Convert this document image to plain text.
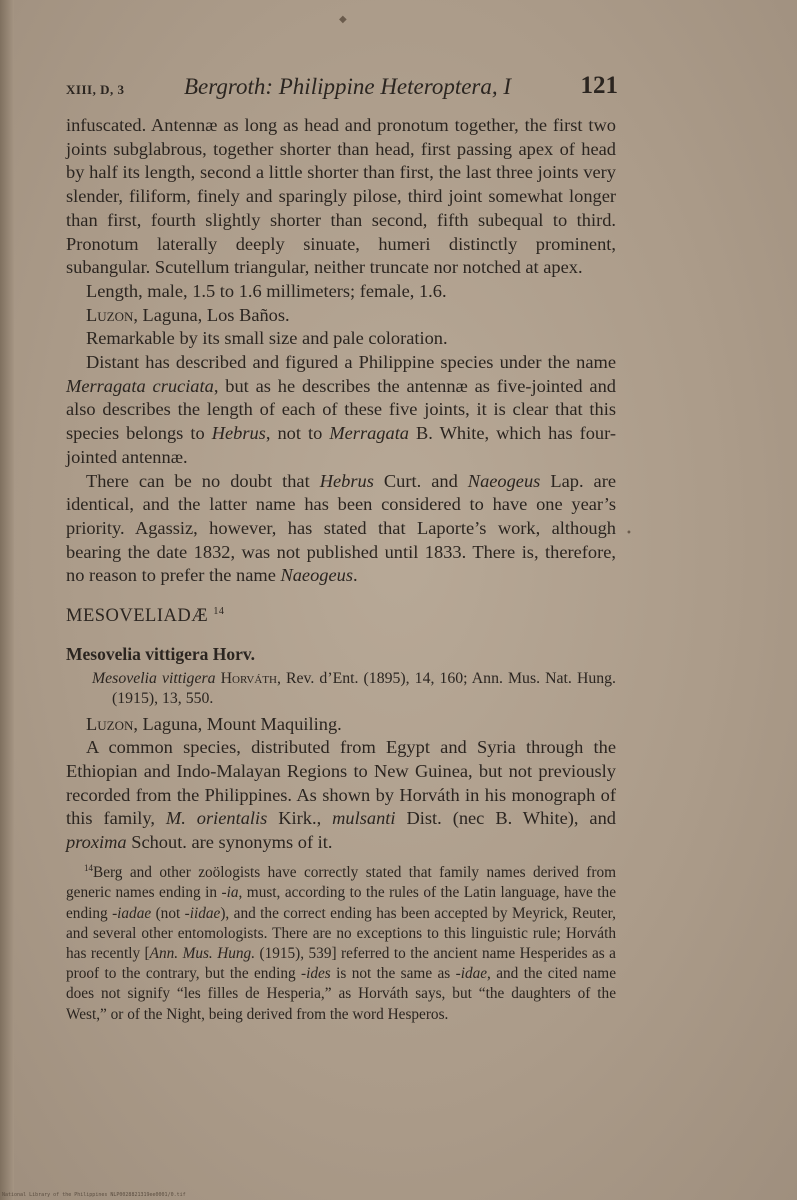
◆
XIII, D, 3	Bergroth: Philippine Heteroptera, I	121

infuscated. Antennæ as long as head and pronotum together, the first two joints subglabrous, together shorter than head, first passing apex of head by half its length, second a little shorter than first, the last three joints very slender, filiform, finely and sparingly pilose, third joint somewhat longer than first, fourth slightly shorter than second, fifth subequal to third. Pronotum laterally deeply sinuate, humeri distinctly prominent, subangular. Scutellum triangular, neither truncate nor notched at apex.

Length, male, 1.5 to 1.6 millimeters; female, 1.6.

Luzon, Laguna, Los Baños.

Remarkable by its small size and pale coloration.

Distant has described and figured a Philippine species under the name Merragata cruciata, but as he describes the antennæ as five-jointed and also describes the length of each of these five joints, it is clear that this species belongs to Hebrus, not to Merragata B. White, which has four-jointed antennæ.

There can be no doubt that Hebrus Curt. and Naeogeus Lap. are identical, and the latter name has been considered to have one year’s priority. Agassiz, however, has stated that Laporte’s work, although bearing the date 1832, was not published until 1833. There is, therefore, no reason to prefer the name Naeogeus.

MESOVELIADÆ $^{14}$

Mesovelia vittigera Horv.

Mesovelia vittigera Horváth, Rev. d’Ent. (1895), 14, 160; Ann. Mus. Nat. Hung. (1915), 13, 550.

Luzon, Laguna, Mount Maquiling.

A common species, distributed from Egypt and Syria through the Ethiopian and Indo-Malayan Regions to New Guinea, but not previously recorded from the Philippines. As shown by Horváth in his monograph of this family, M. orientalis Kirk., mulsanti Dist. (nec B. White), and proxima Schout. are synonyms of it.

$^{14}$Berg and other zoölogists have correctly stated that family names derived from generic names ending in -ia, must, according to the rules of the Latin language, have the ending -iadae (not -iidae), and the correct ending has been accepted by Meyrick, Reuter, and several other entomologists. There are no exceptions to this linguistic rule; Horváth has recently [Ann. Mus. Hung. (1915), 539] referred to the ancient name Hesperides as a proof to the contrary, but the ending -ides is not the same as -idae, and the cited name does not signify “les filles de Hesperia,” as Horváth says, but “the daughters of the West,” or of the Night, being derived from the word Hesperos.
•
National Library of the Philippines NLP0028821319ee0001/0.tif
